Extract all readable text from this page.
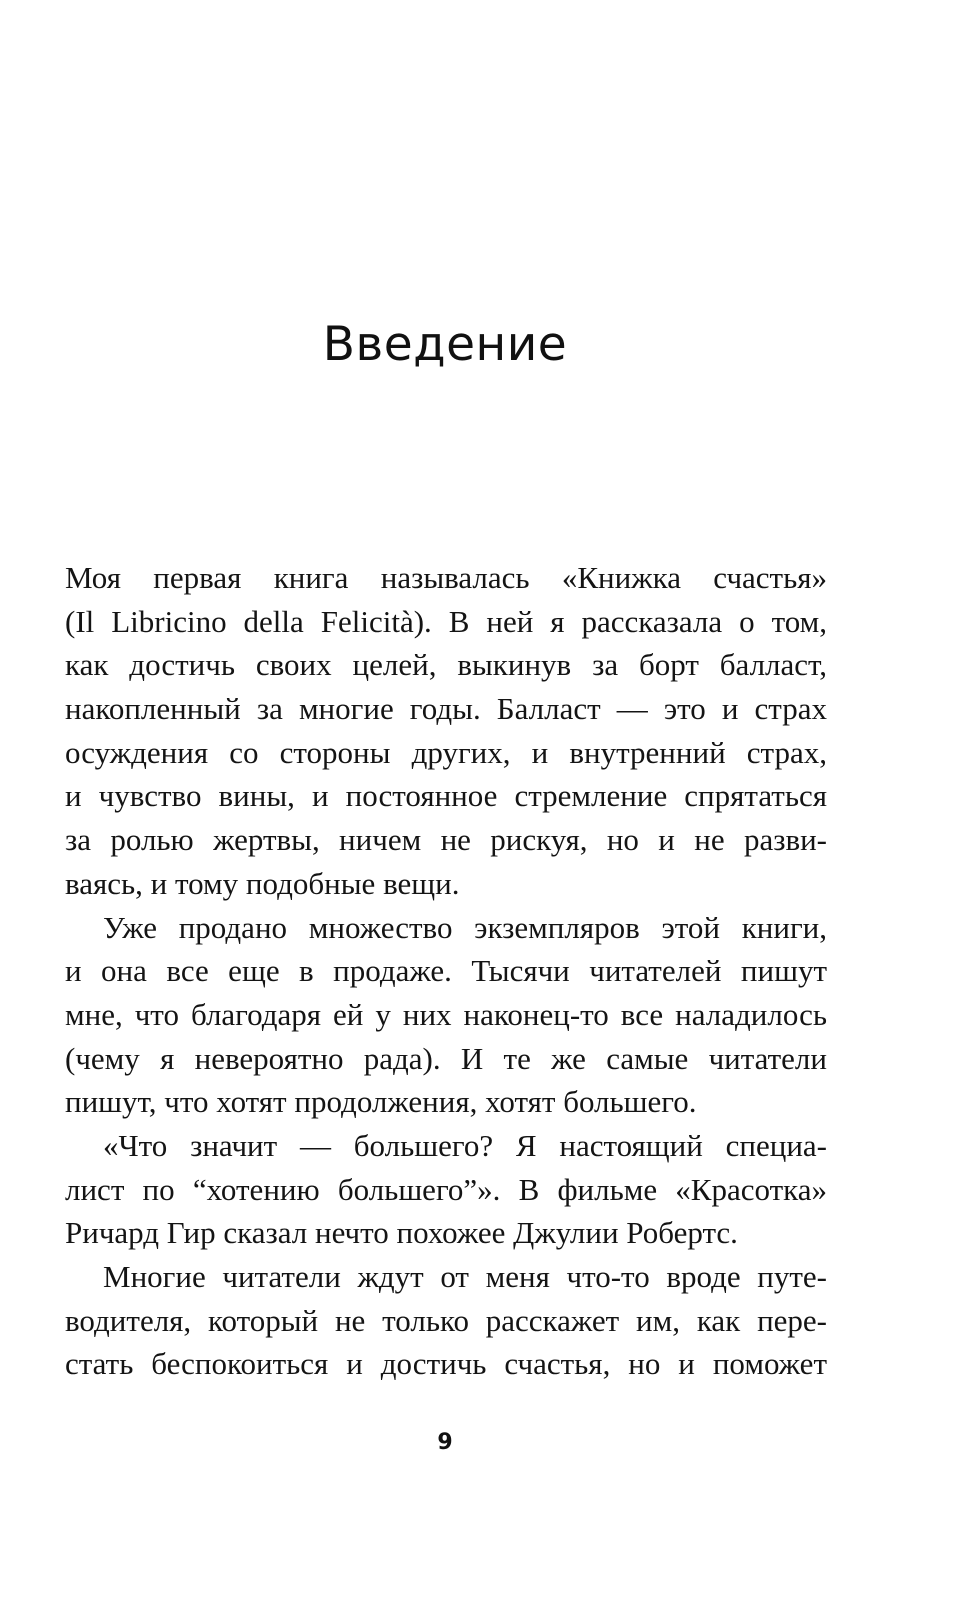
Введение
Моя первая книга называлась «Книжка счастья»
(Il Libricino della Felicità). В ней я рассказала о том,
как достичь своих целей, выкинув за борт балласт,
накопленный за многие годы. Балласт — это и страх
осуждения со стороны других, и внутренний страх,
и чувство вины, и постоянное стремление спрятаться
за ролью жертвы, ничем не рискуя, но и не разви-
ваясь, и тому подобные вещи.
Уже продано множество экземпляров этой книги,
и она все еще в продаже. Тысячи читателей пишут
мне, что благодаря ей у них наконец-то все наладилось
(чему я невероятно рада). И те же самые читатели
пишут, что хотят продолжения, хотят большего.
«Что значит — большего? Я настоящий специа-
лист по “хотению большего”». В фильме «Красотка»
Ричард Гир сказал нечто похожее Джулии Робертс.
Многие читатели ждут от меня что-то вроде путе-
водителя, который не только расскажет им, как пере-
стать беспокоиться и достичь счастья, но и поможет
9
